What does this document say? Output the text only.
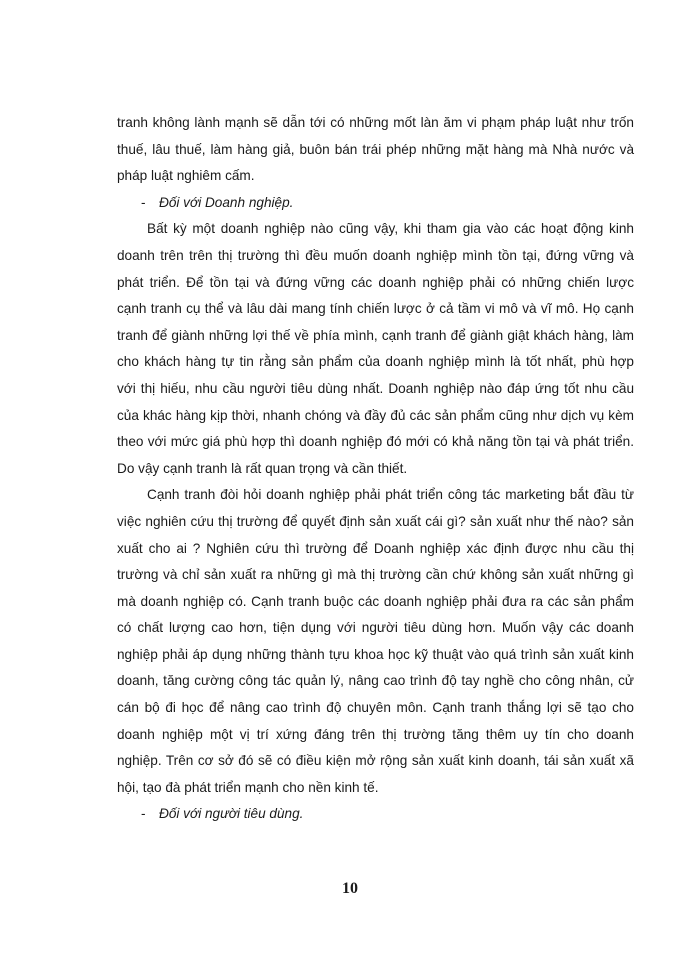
tranh không lành mạnh sẽ dẫn tới có những mốt làn ăm vi phạm pháp luật như trốn
thuế, lâu thuế, làm hàng giả, buôn bán trái phép những mặt hàng mà Nhà nước và
pháp luật nghiêm cấm.
- Đối với Doanh nghiệp.
Bất kỳ một doanh nghiệp nào cũng vậy, khi tham gia vào các hoạt động kinh
doanh trên trên thị trường thì đều muốn doanh nghiệp mình tồn tại, đứng vững và
phát triển. Để tồn tại và đứng vững các doanh nghiệp phải có những chiến lược
cạnh tranh cụ thể và lâu dài mang tính chiến lược ở cả tầm vi mô và vĩ mô. Họ cạnh
tranh để giành những lợi thế về phía mình, cạnh tranh để giành giật khách hàng, làm
cho khách hàng tự tin rằng sản phẩm của doanh nghiệp mình là tốt nhất, phù hợp
với thị hiếu, nhu cầu người tiêu dùng nhất. Doanh nghiệp nào đáp ứng tốt nhu cầu
của khác hàng kịp thời, nhanh chóng và đầy đủ các sản phẩm cũng như dịch vụ kèm
theo với mức giá phù hợp thì doanh nghiệp đó mới có khả năng tồn tại và phát triển.
Do vậy cạnh tranh là rất quan trọng và cần thiết.
Cạnh tranh đòi hỏi doanh nghiệp phải phát triển công tác marketing bắt đầu từ
việc nghiên cứu thị trường để quyết định sản xuất cái gì? sản xuất như thế nào? sản
xuất cho ai ? Nghiên cứu thì trường để Doanh nghiệp xác định được nhu cầu thị
trường và chỉ sản xuất ra những gì mà thị trường cần chứ không sản xuất những gì
mà doanh nghiệp có. Cạnh tranh buộc các doanh nghiệp phải đưa ra các sản phẩm
có chất lượng cao hơn, tiện dụng với người tiêu dùng hơn. Muốn vậy các doanh
nghiệp phải áp dụng những thành tựu khoa học kỹ thuật vào quá trình sản xuất kinh
doanh, tăng cường công tác quản lý, nâng cao trình độ tay nghề cho công nhân, cử
cán bộ đi học để nâng cao trình độ chuyên môn. Cạnh tranh thắng lợi sẽ tạo cho
doanh nghiệp một vị trí xứng đáng trên thị trường tăng thêm uy tín cho doanh
nghiệp. Trên cơ sở đó sẽ có điều kiện mở rộng sản xuất kinh doanh, tái sản xuất xã
hội, tạo đà phát triển mạnh cho nền kinh tế.
- Đối với người tiêu dùng.
10
